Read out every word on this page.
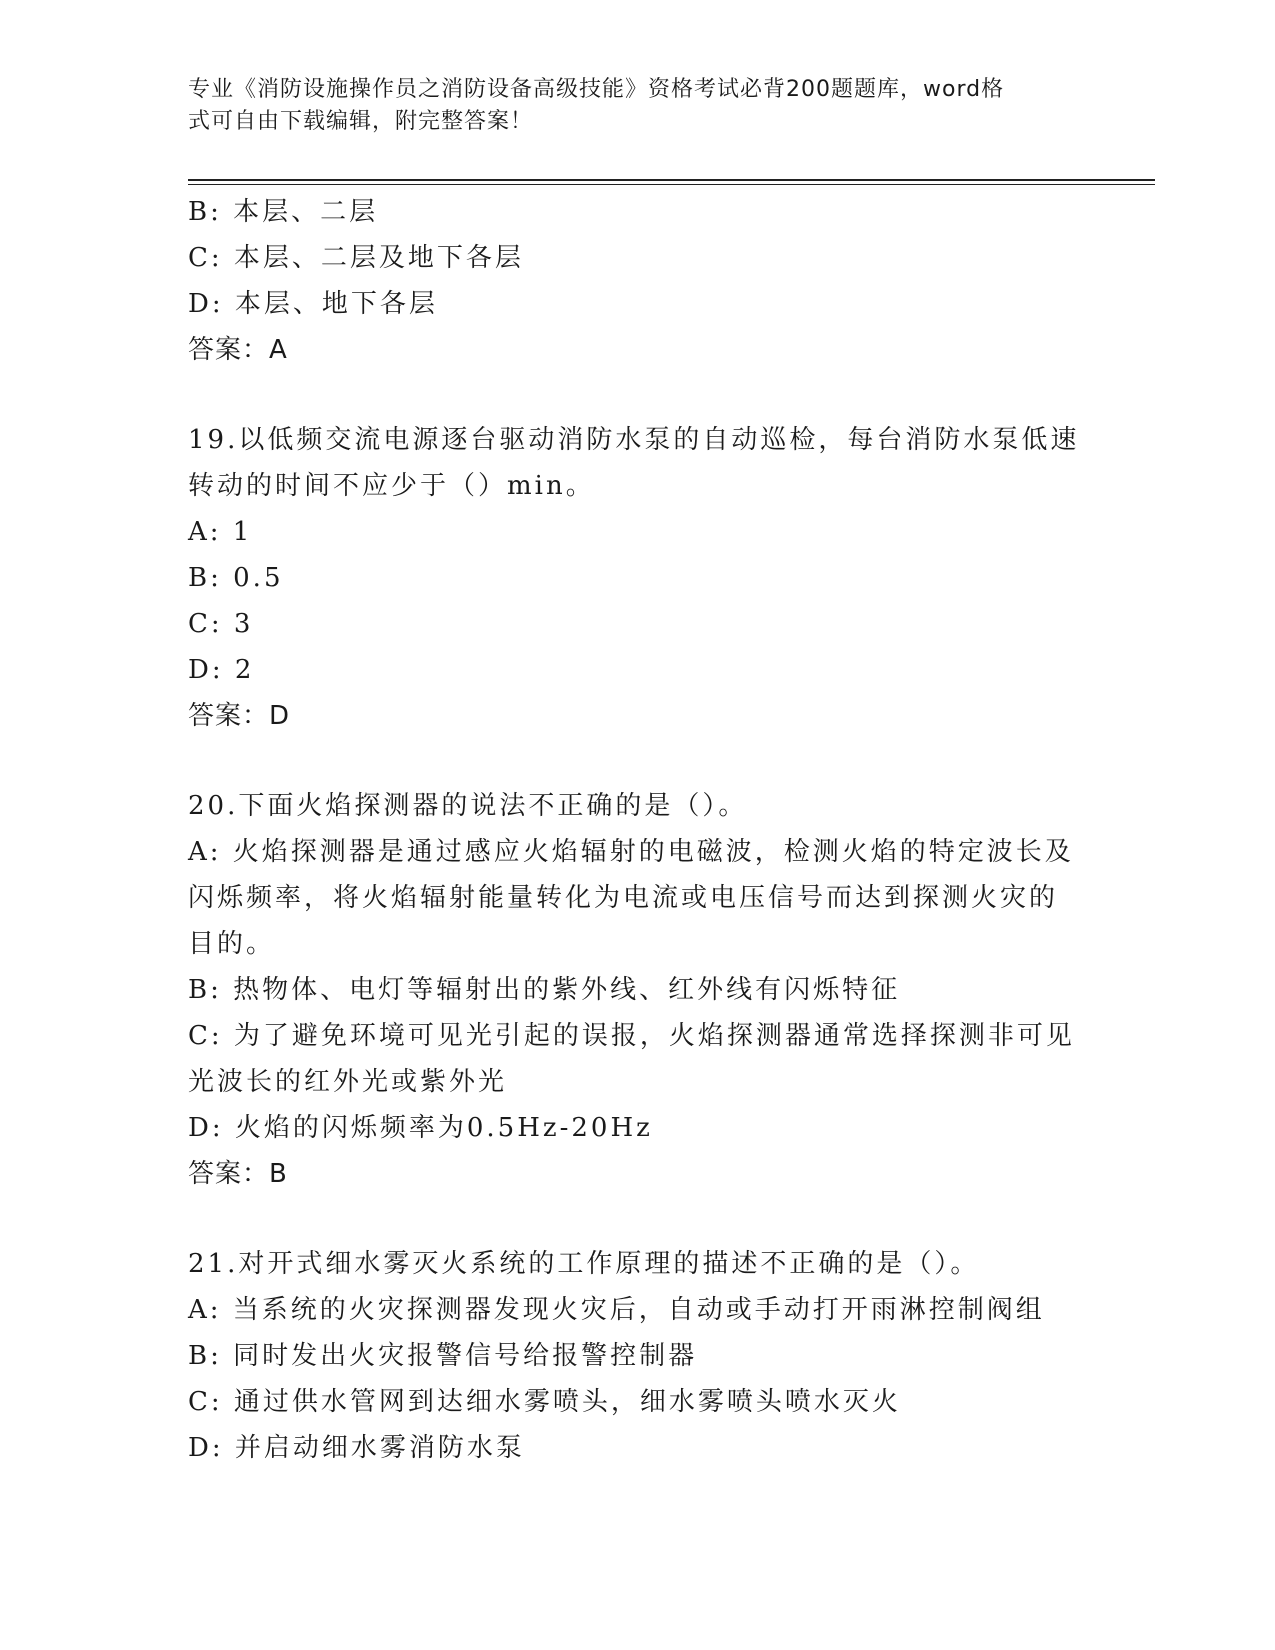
专业《消防设施操作员之消防设备高级技能》资格考试必背200题题库，word格
式可自由下载编辑，附完整答案！

B: 本层、二层

C: 本层、二层及地下各层

D: 本层、地下各层

答案：A

19.以低频交流电源逐台驱动消防水泵的自动巡检，每台消防水泵低速

转动的时间不应少于（）min。

A: 1

B: 0.5

C: 3

D: 2

答案：D

20.下面火焰探测器的说法不正确的是（）。

A: 火焰探测器是通过感应火焰辐射的电磁波，检测火焰的特定波长及

闪烁频率，将火焰辐射能量转化为电流或电压信号而达到探测火灾的

目的。

B: 热物体、电灯等辐射出的紫外线、红外线有闪烁特征

C: 为了避免环境可见光引起的误报，火焰探测器通常选择探测非可见

光波长的红外光或紫外光

D: 火焰的闪烁频率为0.5Hz-20Hz

答案：B

21.对开式细水雾灭火系统的工作原理的描述不正确的是（）。

A: 当系统的火灾探测器发现火灾后，自动或手动打开雨淋控制阀组

B: 同时发出火灾报警信号给报警控制器

C: 通过供水管网到达细水雾喷头，细水雾喷头喷水灭火

D: 并启动细水雾消防水泵
